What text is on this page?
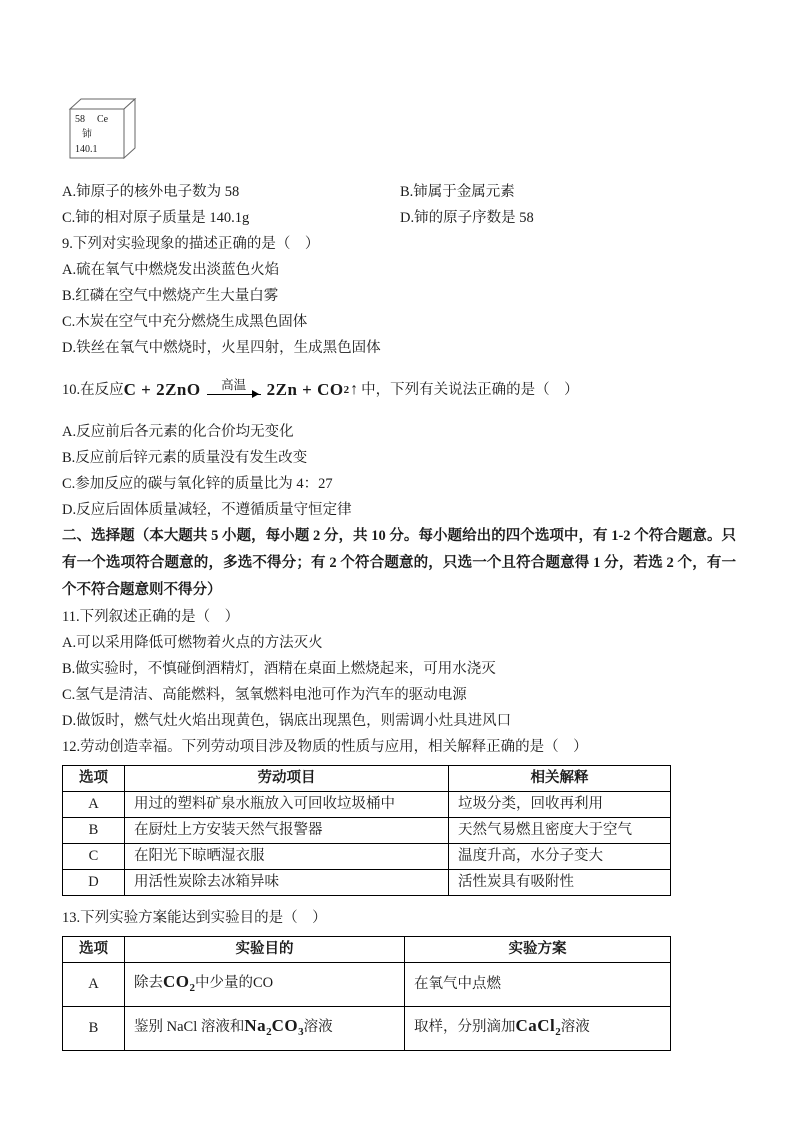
58 Ce
铈
140.1

A.铈原子的核外电子数为 58	B.铈属于金属元素

C.铈的相对原子质量是 140.1g	D.铈的原子序数是 58

9.下列对实验现象的描述正确的是（　）

A.硫在氧气中燃烧发出淡蓝色火焰

B.红磷在空气中燃烧产生大量白雾

C.木炭在空气中充分燃烧生成黑色固体

D.铁丝在氧气中燃烧时，火星四射，生成黑色固体

10.在反应 C + 2ZnO 高温 2Zn + CO 2 ↑ 中，下列有关说法正确的是（　）

A.反应前后各元素的化合价均无变化

B.反应前后锌元素的质量没有发生改变

C.参加反应的碳与氧化锌的质量比为 4：27

D.反应后固体质量减轻，不遵循质量守恒定律

二、选择题（本大题共 5 小题，每小题 2 分，共 10 分。每小题给出的四个选项中，有 1-2 个符合题意。只有一个选项符合题意的，多选不得分；有 2 个符合题意的，只选一个且符合题意得 1 分，若选 2 个，有一个不符合题意则不得分）

11.下列叙述正确的是（　）

A.可以采用降低可燃物着火点的方法灭火

B.做实验时，不慎碰倒酒精灯，酒精在桌面上燃烧起来，可用水浇灭

C.氢气是清洁、高能燃料，氢氧燃料电池可作为汽车的驱动电源

D.做饭时，燃气灶火焰出现黄色，锅底出现黑色，则需调小灶具进风口

12.劳动创造幸福。下列劳动项目涉及物质的性质与应用，相关解释正确的是（　）

选项	劳动项目	相关解释
A	用过的塑料矿泉水瓶放入可回收垃圾桶中	垃圾分类，回收再利用
B	在厨灶上方安装天然气报警器	天然气易燃且密度大于空气
C	在阳光下晾晒湿衣服	温度升高，水分子变大
D	用活性炭除去冰箱异味	活性炭具有吸附性

13.下列实验方案能达到实验目的是（　）

选项	实验目的	实验方案
A	除去$CO_2$中少量的CO	在氧气中点燃
B	鉴别 NaCl 溶液和$Na_2CO_3$溶液	取样，分别滴加CaCl$_2$溶液
